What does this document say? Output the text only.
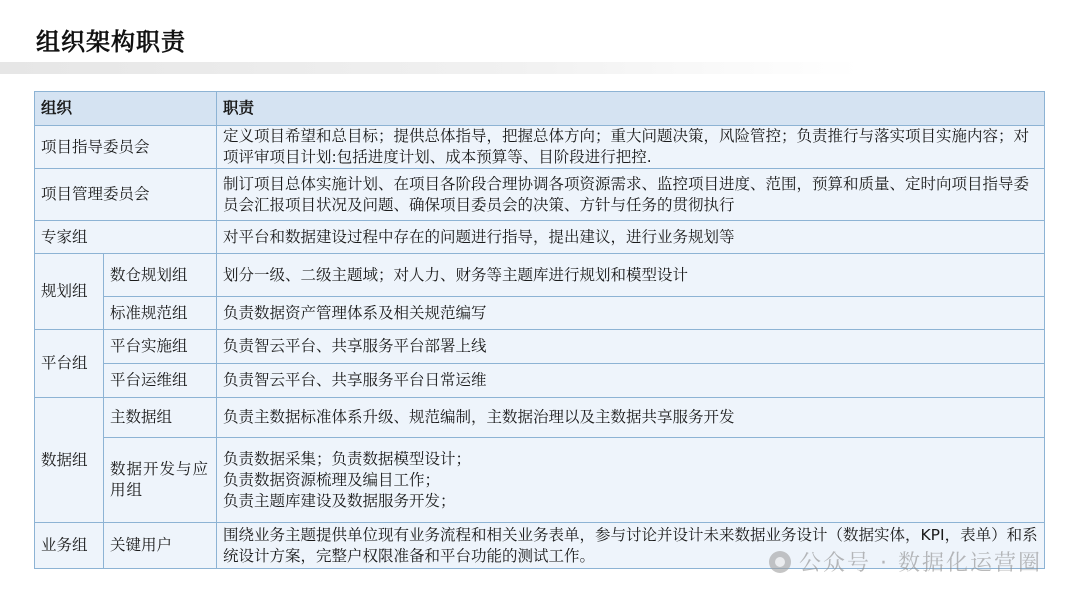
组织架构职责
组织		职责
项目指导委员会		定义项目希望和总目标；提供总体指导，把握总体方向；重大问题决策，风险管控；负责推行与落实项目实施内容；对项评审项目计划:包括进度计划、成本预算等、目阶段进行把控.
项目管理委员会		制订项目总体实施计划、在项目各阶段合理协调各项资源需求、监控项目进度、范围，预算和质量、定时向项目指导委员会汇报项目状况及问题、确保项目委员会的决策、方针与任务的贯彻执行
专家组		对平台和数据建设过程中存在的问题进行指导，提出建议，进行业务规划等
规划组	数仓规划组	划分一级、二级主题域；对人力、财务等主题库进行规划和模型设计
	标准规范组	负责数据资产管理体系及相关规范编写
平台组	平台实施组	负责智云平台、共享服务平台部署上线
	平台运维组	负责智云平台、共享服务平台日常运维
数据组	主数据组	负责主数据标准体系升级、规范编制，主数据治理以及主数据共享服务开发
	数据开发与应用组	负责数据采集；负责数据模型设计；
负责数据资源梳理及编目工作；
负责主题库建设及数据服务开发；

业务组	关键用户	围绕业务主题提供单位现有业务流程和相关业务表单，参与讨论并设计未来数据业务设计（数据实体，KPI，表单）和系统设计方案，完整户权限准备和平台功能的测试工作。	公众号 · 数据化运营圈
